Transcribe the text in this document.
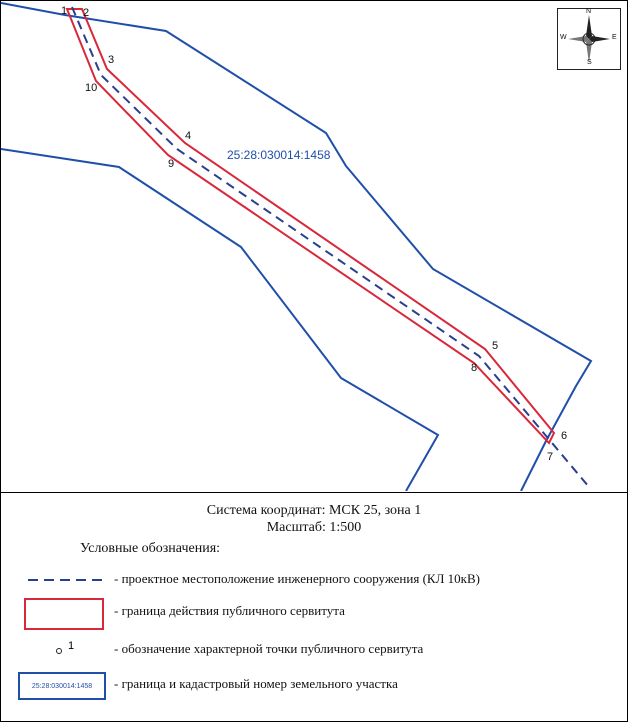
25:28:030014:1458
1 2
3
4
5
6
7
8
9
10
N
S
W	E
Система координат: МСК 25, зона 1
Масштаб: 1:500
Условные обозначения:
- проектное местоположение инженерного сооружения (КЛ 10кВ)
- граница действия публичного сервитута
1	- обозначение характерной точки публичного сервитута
25:28:030014:1458 - граница и кадастровый номер земельного участка
